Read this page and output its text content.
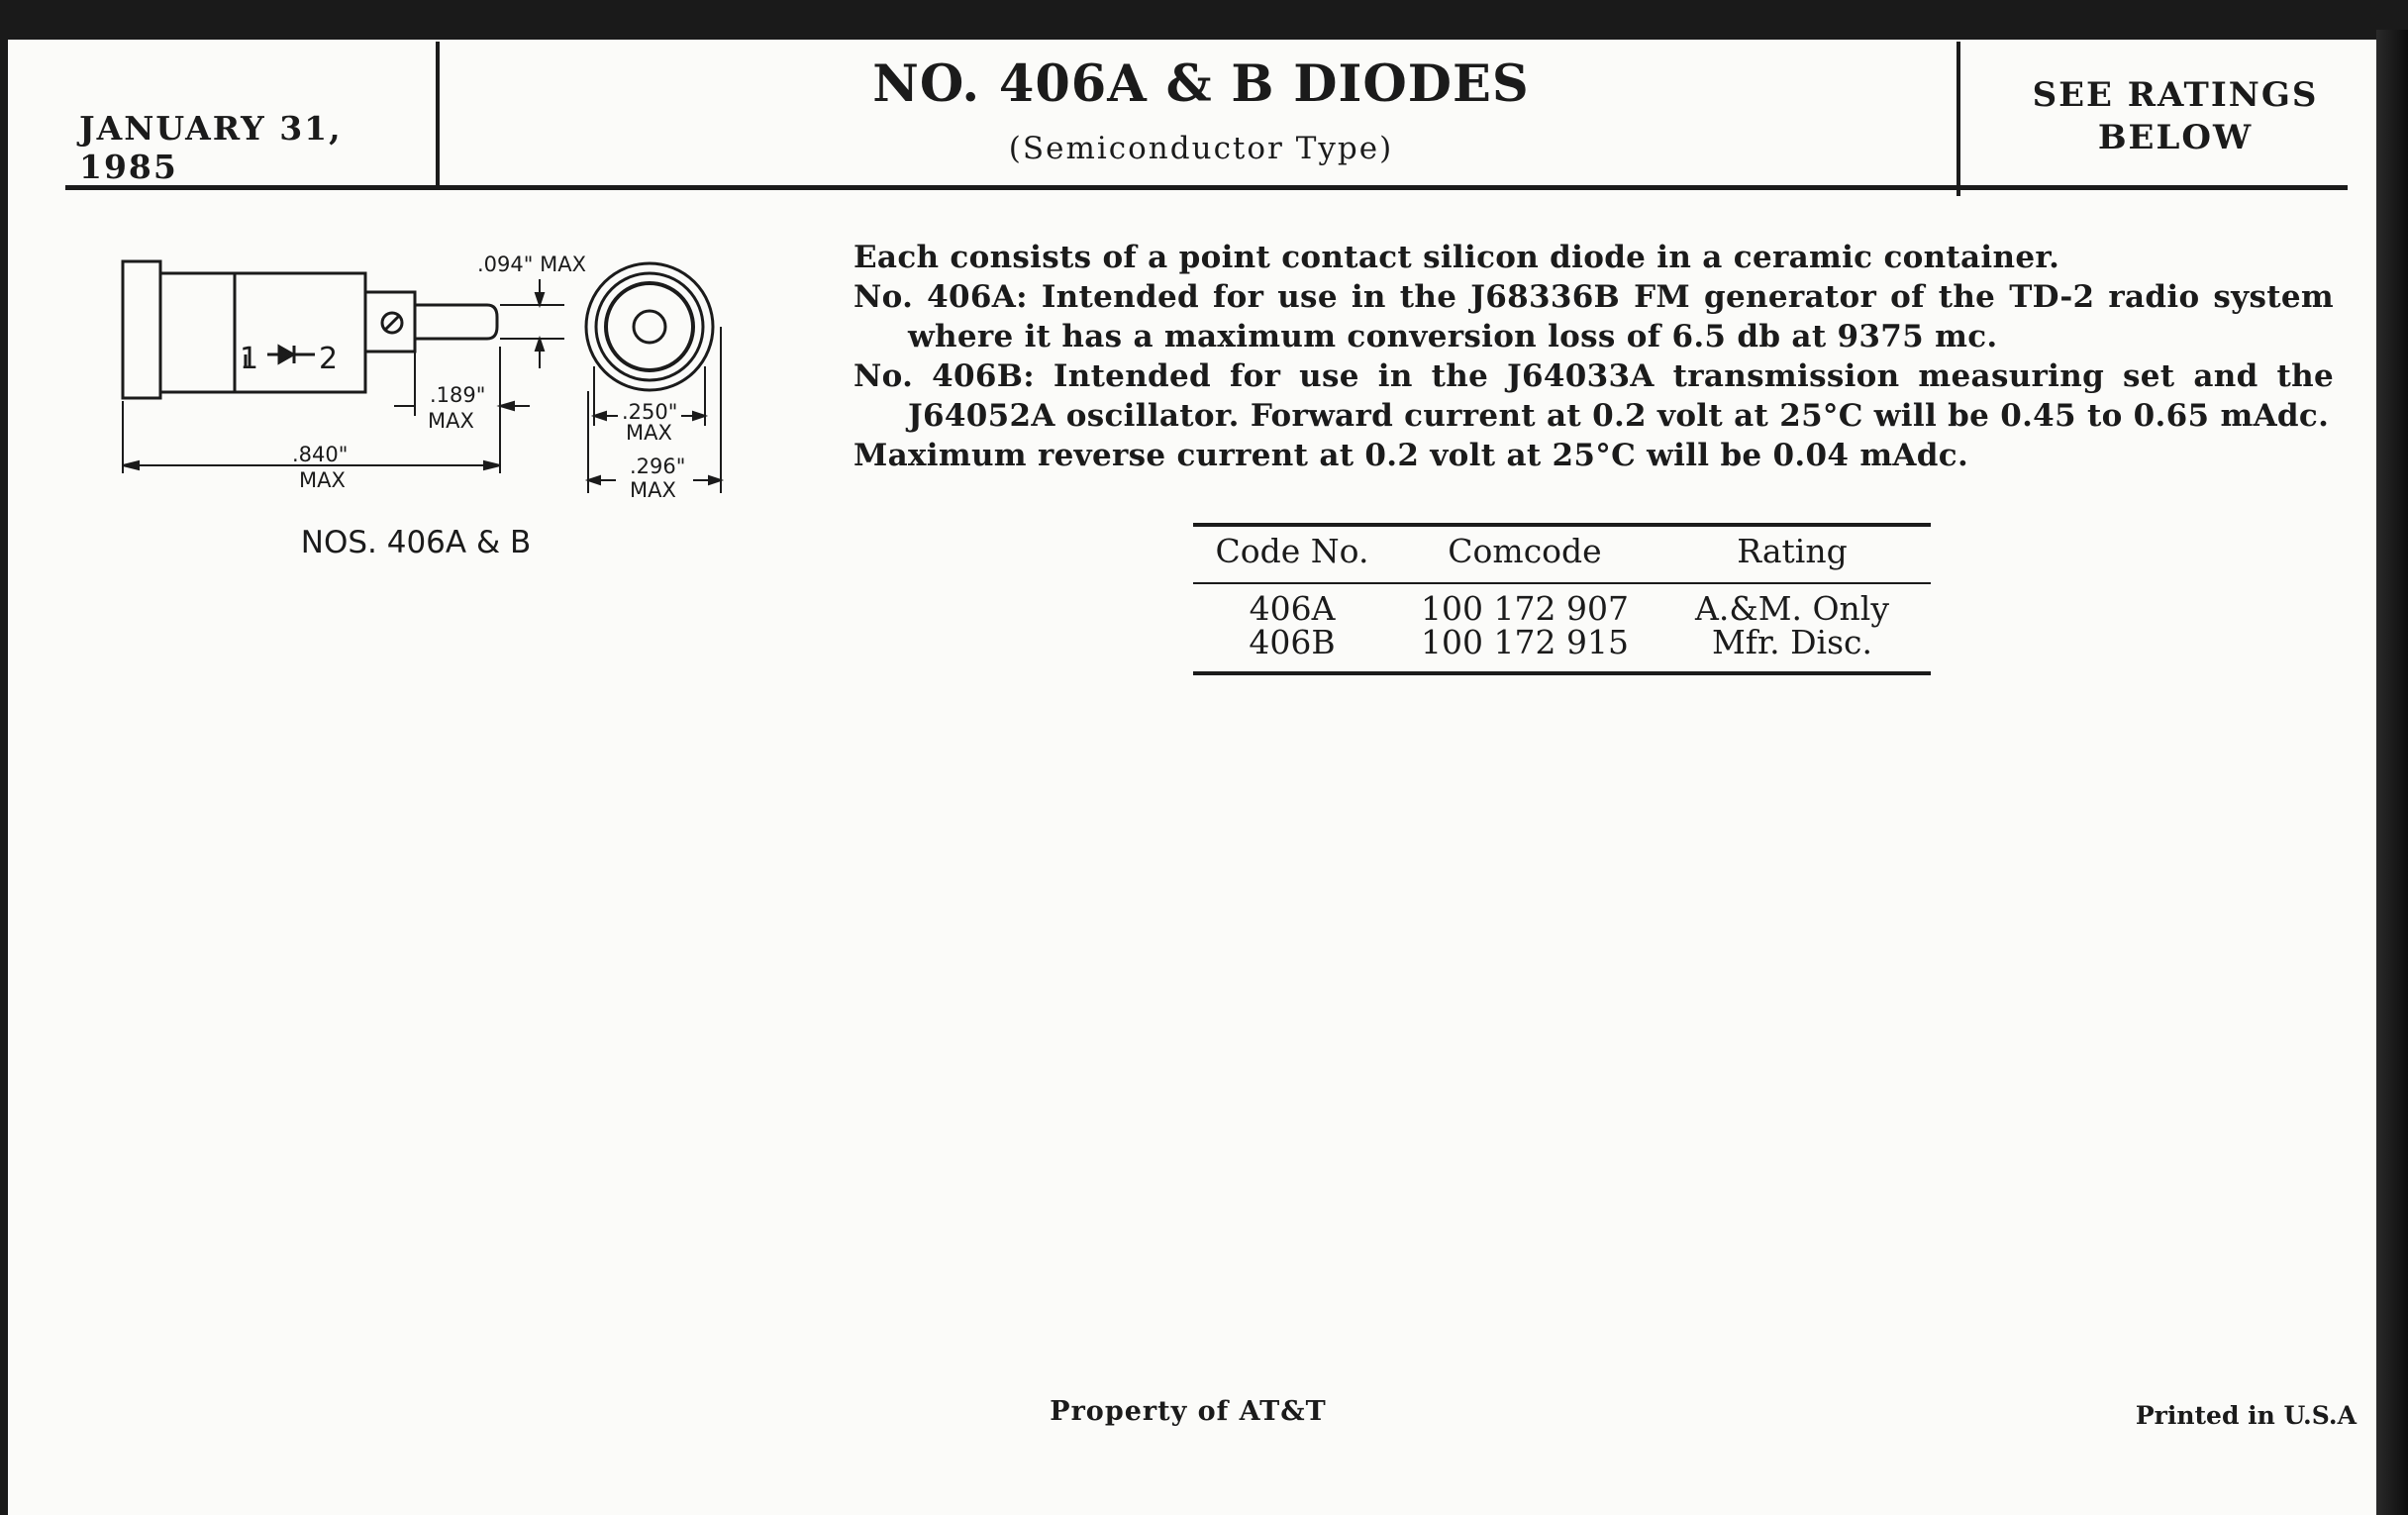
JANUARY 31, 1985
NO. 406A & B DIODES
(Semiconductor Type)
SEE RATINGS
BELOW
1 2
.094" MAX
.189"
MAX
.840"
MAX
.250"
MAX
.296"
MAX
NOS. 406A & B

Each consists of a point contact silicon diode in a ceramic container.

No. 406A: Intended for use in the J68336B FM generator of the TD-2 radio system where it has a maximum conversion loss of 6.5 db at 9375 mc.

No. 406B: Intended for use in the J64033A transmission measuring set and the J64052A oscillator. Forward current at 0.2 volt at 25°C will be 0.45 to 0.65 mAdc.

Maximum reverse current at 0.2 volt at 25°C will be 0.04 mAdc.

Code No.	Comcode	Rating
406A	100 172 907	A.&M. Only
406B	100 172 915	Mfr. Disc.
Property of AT&T	Printed in U.S.A
